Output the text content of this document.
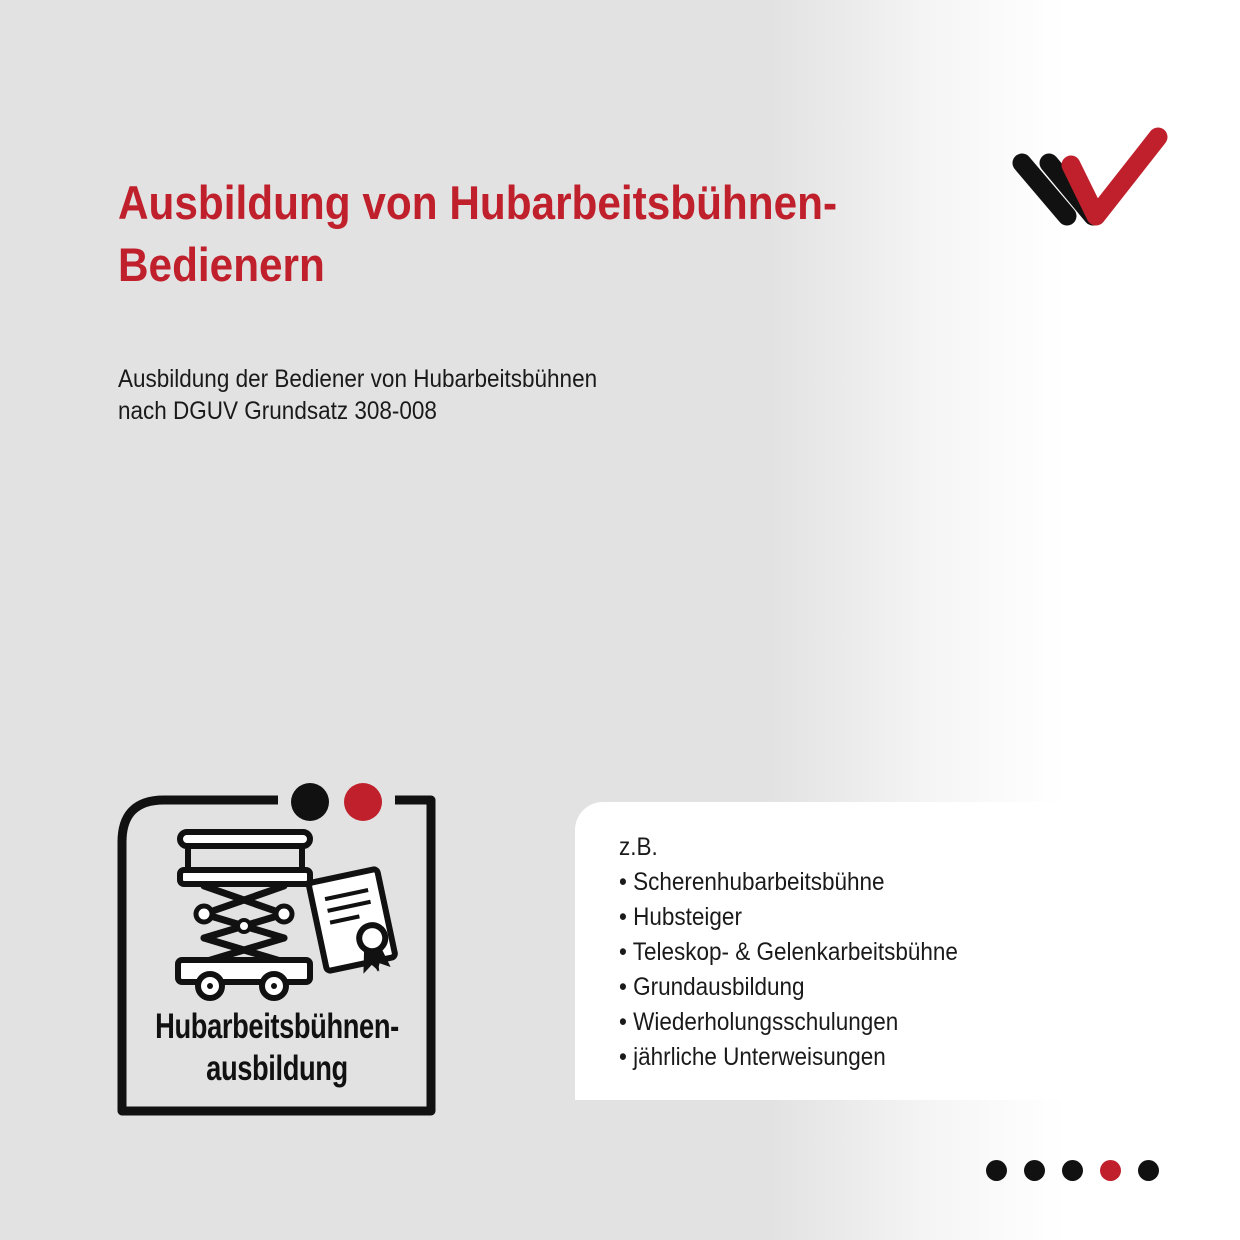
Ausbildung von Hubarbeitsbühnen-
Bedienern
Ausbildung der Bediener von Hubarbeitsbühnen
nach DGUV Grundsatz 308-008
Hubarbeitsbühnen-
ausbildung
z.B.
• Scherenhubarbeitsbühne
• Hubsteiger
• Teleskop- & Gelenkarbeitsbühne
• Grundausbildung
• Wiederholungsschulungen
• jährliche Unterweisungen
